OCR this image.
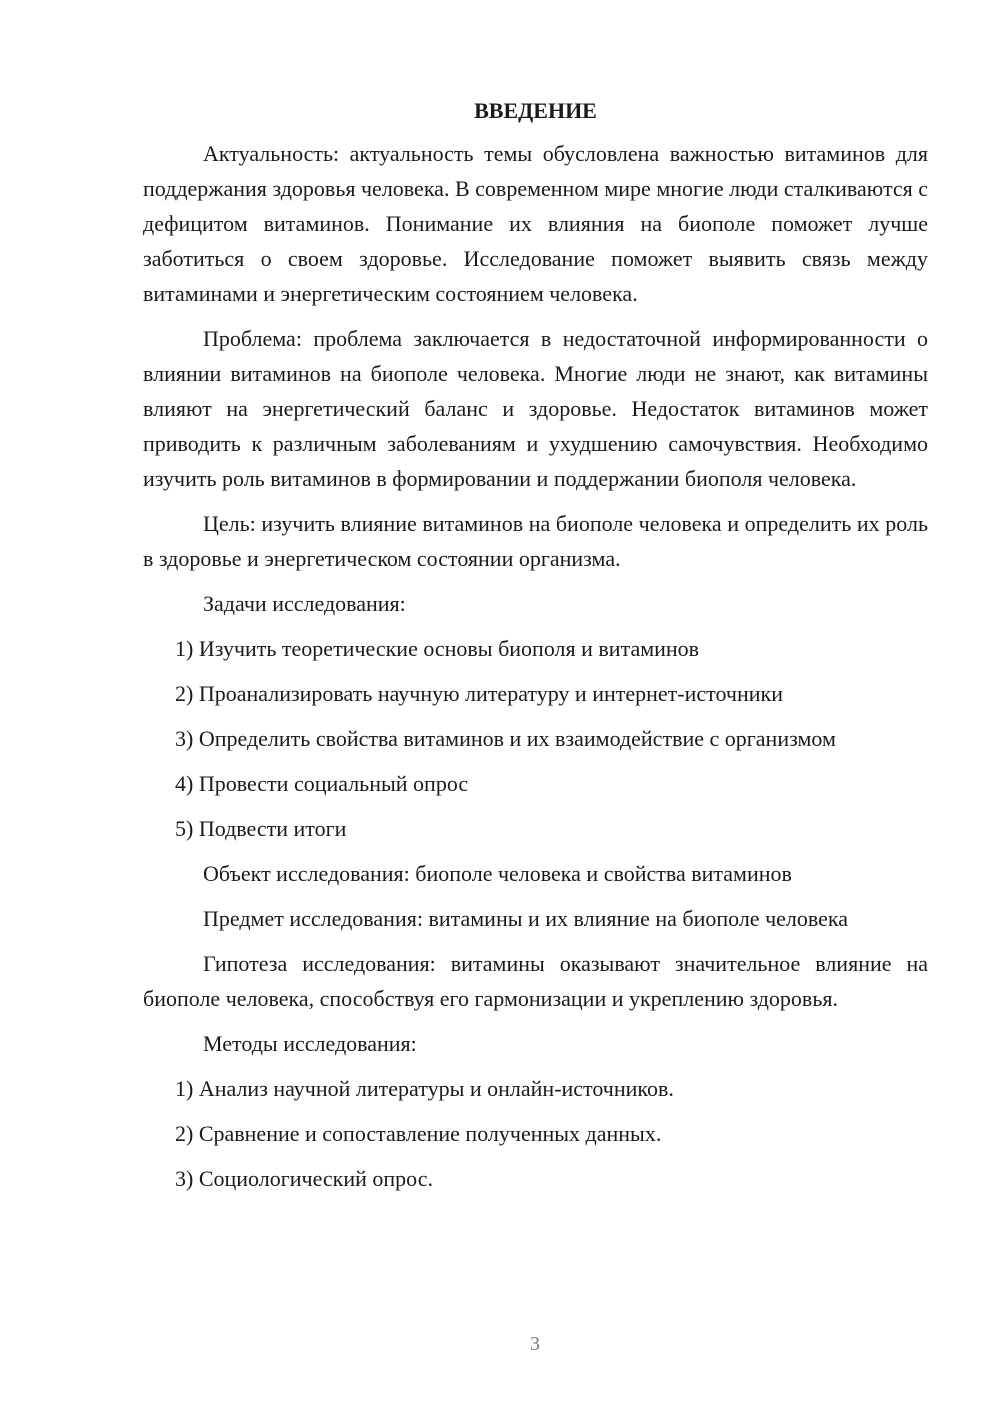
ВВЕДЕНИЕ

Актуальность: актуальность темы обусловлена важностью витаминов для поддержания здоровья человека. В современном мире многие люди сталкиваются с дефицитом витаминов. Понимание их влияния на биополе поможет лучше заботиться о своем здоровье. Исследование поможет выявить связь между витаминами и энергетическим состоянием человека.

Проблема: проблема заключается в недостаточной информированности о влиянии витаминов на биополе человека. Многие люди не знают, как витамины влияют на энергетический баланс и здоровье. Недостаток витаминов может приводить к различным заболеваниям и ухудшению самочувствия. Необходимо изучить роль витаминов в формировании и поддержании биополя человека.

Цель: изучить влияние витаминов на биополе человека и определить их роль в здоровье и энергетическом состоянии организма.

Задачи исследования:
1) Изучить теоретические основы биополя и витаминов
2) Проанализировать научную литературу и интернет-источники
3) Определить свойства витаминов и их взаимодействие с организмом
4) Провести социальный опрос
5) Подвести итоги
Объект исследования: биополе человека и свойства витаминов
Предмет исследования: витамины и их влияние на биополе человека

Гипотеза исследования: витамины оказывают значительное влияние на биополе человека, способствуя его гармонизации и укреплению здоровья.

Методы исследования:
1) Анализ научной литературы и онлайн-источников.
2) Сравнение и сопоставление полученных данных.
3) Социологический опрос.
3
